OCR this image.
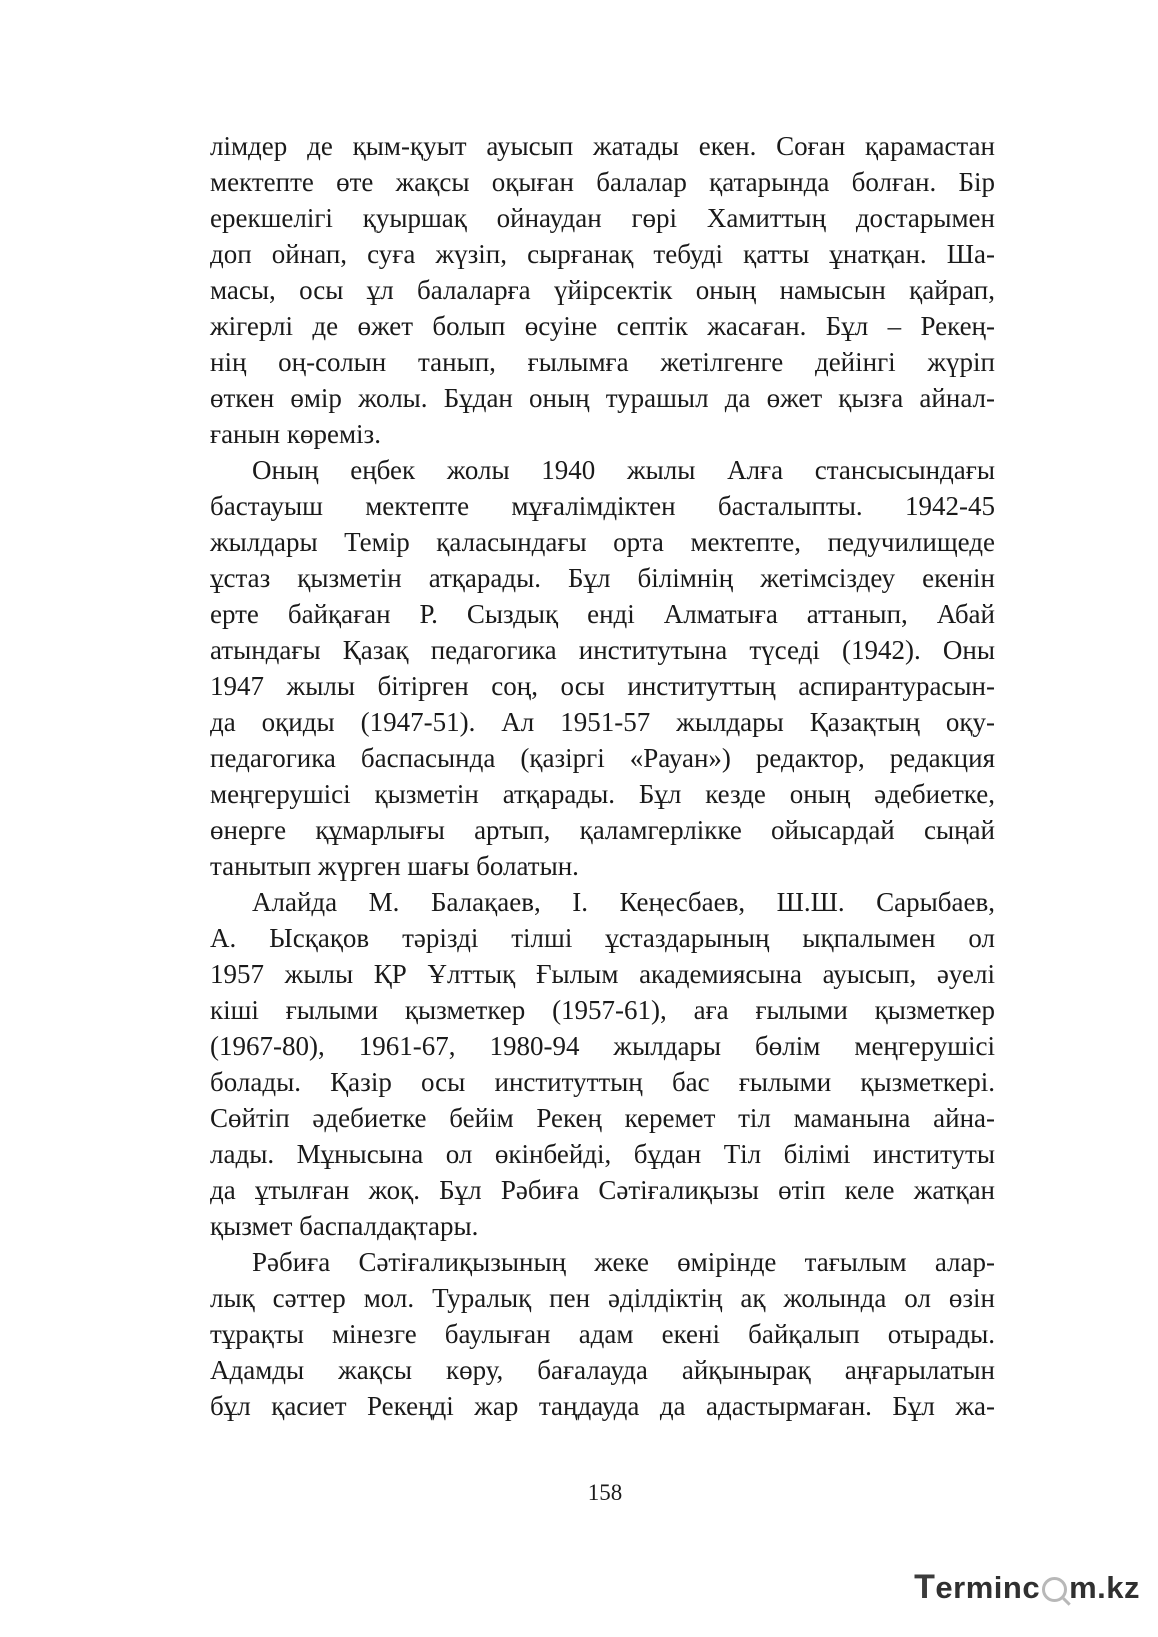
лімдер де қым-қуыт ауысып жатады екен. Соған қарамастан
мектепте өте жақсы оқыған балалар қатарында болған. Бір
ерекшелігі қуыршақ ойнаудан гөрі Хамиттың достарымен
доп ойнап, суға жүзіп, сырғанақ тебуді қатты ұнатқан. Ша-
масы, осы ұл балаларға үйірсектік оның намысын қайрап,
жігерлі де өжет болып өсуіне септік жасаған. Бұл – Рекең-
нің оң-солын танып, ғылымға жетілгенге дейінгі жүріп
өткен өмір жолы. Бұдан оның турашыл да өжет қызға айнал-
ғанын көреміз.
Оның еңбек жолы 1940 жылы Алға стансысындағы
бастауыш мектепте мұғалімдіктен басталыпты. 1942-45
жылдары Темір қаласындағы орта мектепте, педучилищеде
ұстаз қызметін атқарады. Бұл білімнің жетімсіздеу екенін
ерте байқаған Р. Сыздық енді Алматыға аттанып, Абай
атындағы Қазақ педагогика институтына түседі (1942). Оны
1947 жылы бітірген соң, осы институттың аспирантурасын-
да оқиды (1947-51). Ал 1951-57 жылдары Қазақтың оқу-
педагогика баспасында (қазіргі «Рауан») редактор, редакция
меңгерушісі қызметін атқарады. Бұл кезде оның әдебиетке,
өнерге құмарлығы артып, қаламгерлікке ойысардай сыңай
танытып жүрген шағы болатын.
Алайда М. Балақаев, І. Кеңесбаев, Ш.Ш. Сарыбаев,
А. Ысқақов тәрізді тілші ұстаздарының ықпалымен ол
1957 жылы ҚР Ұлттық Ғылым академиясына ауысып, әуелі
кіші ғылыми қызметкер (1957-61), аға ғылыми қызметкер
(1967-80), 1961-67, 1980-94 жылдары бөлім меңгерушісі
болады. Қазір осы институттың бас ғылыми қызметкері.
Сөйтіп әдебиетке бейім Рекең керемет тіл маманына айна-
лады. Мұнысына ол өкінбейді, бұдан Тіл білімі институты
да ұтылған жоқ. Бұл Рәбиға Сәтіғалиқызы өтіп келе жатқан
қызмет баспалдақтары.
Рәбиға Сәтіғалиқызының жеке өмірінде тағылым алар-
лық сәттер мол. Туралық пен әділдіктің ақ жолында ол өзін
тұрақты мінезге баулыған адам екені байқалып отырады.
Адамды жақсы көру, бағалауда айқынырақ аңғарылатын
бұл қасиет Рекеңді жар таңдауда да адастырмаған. Бұл жа-
158
T erminc m.kz
